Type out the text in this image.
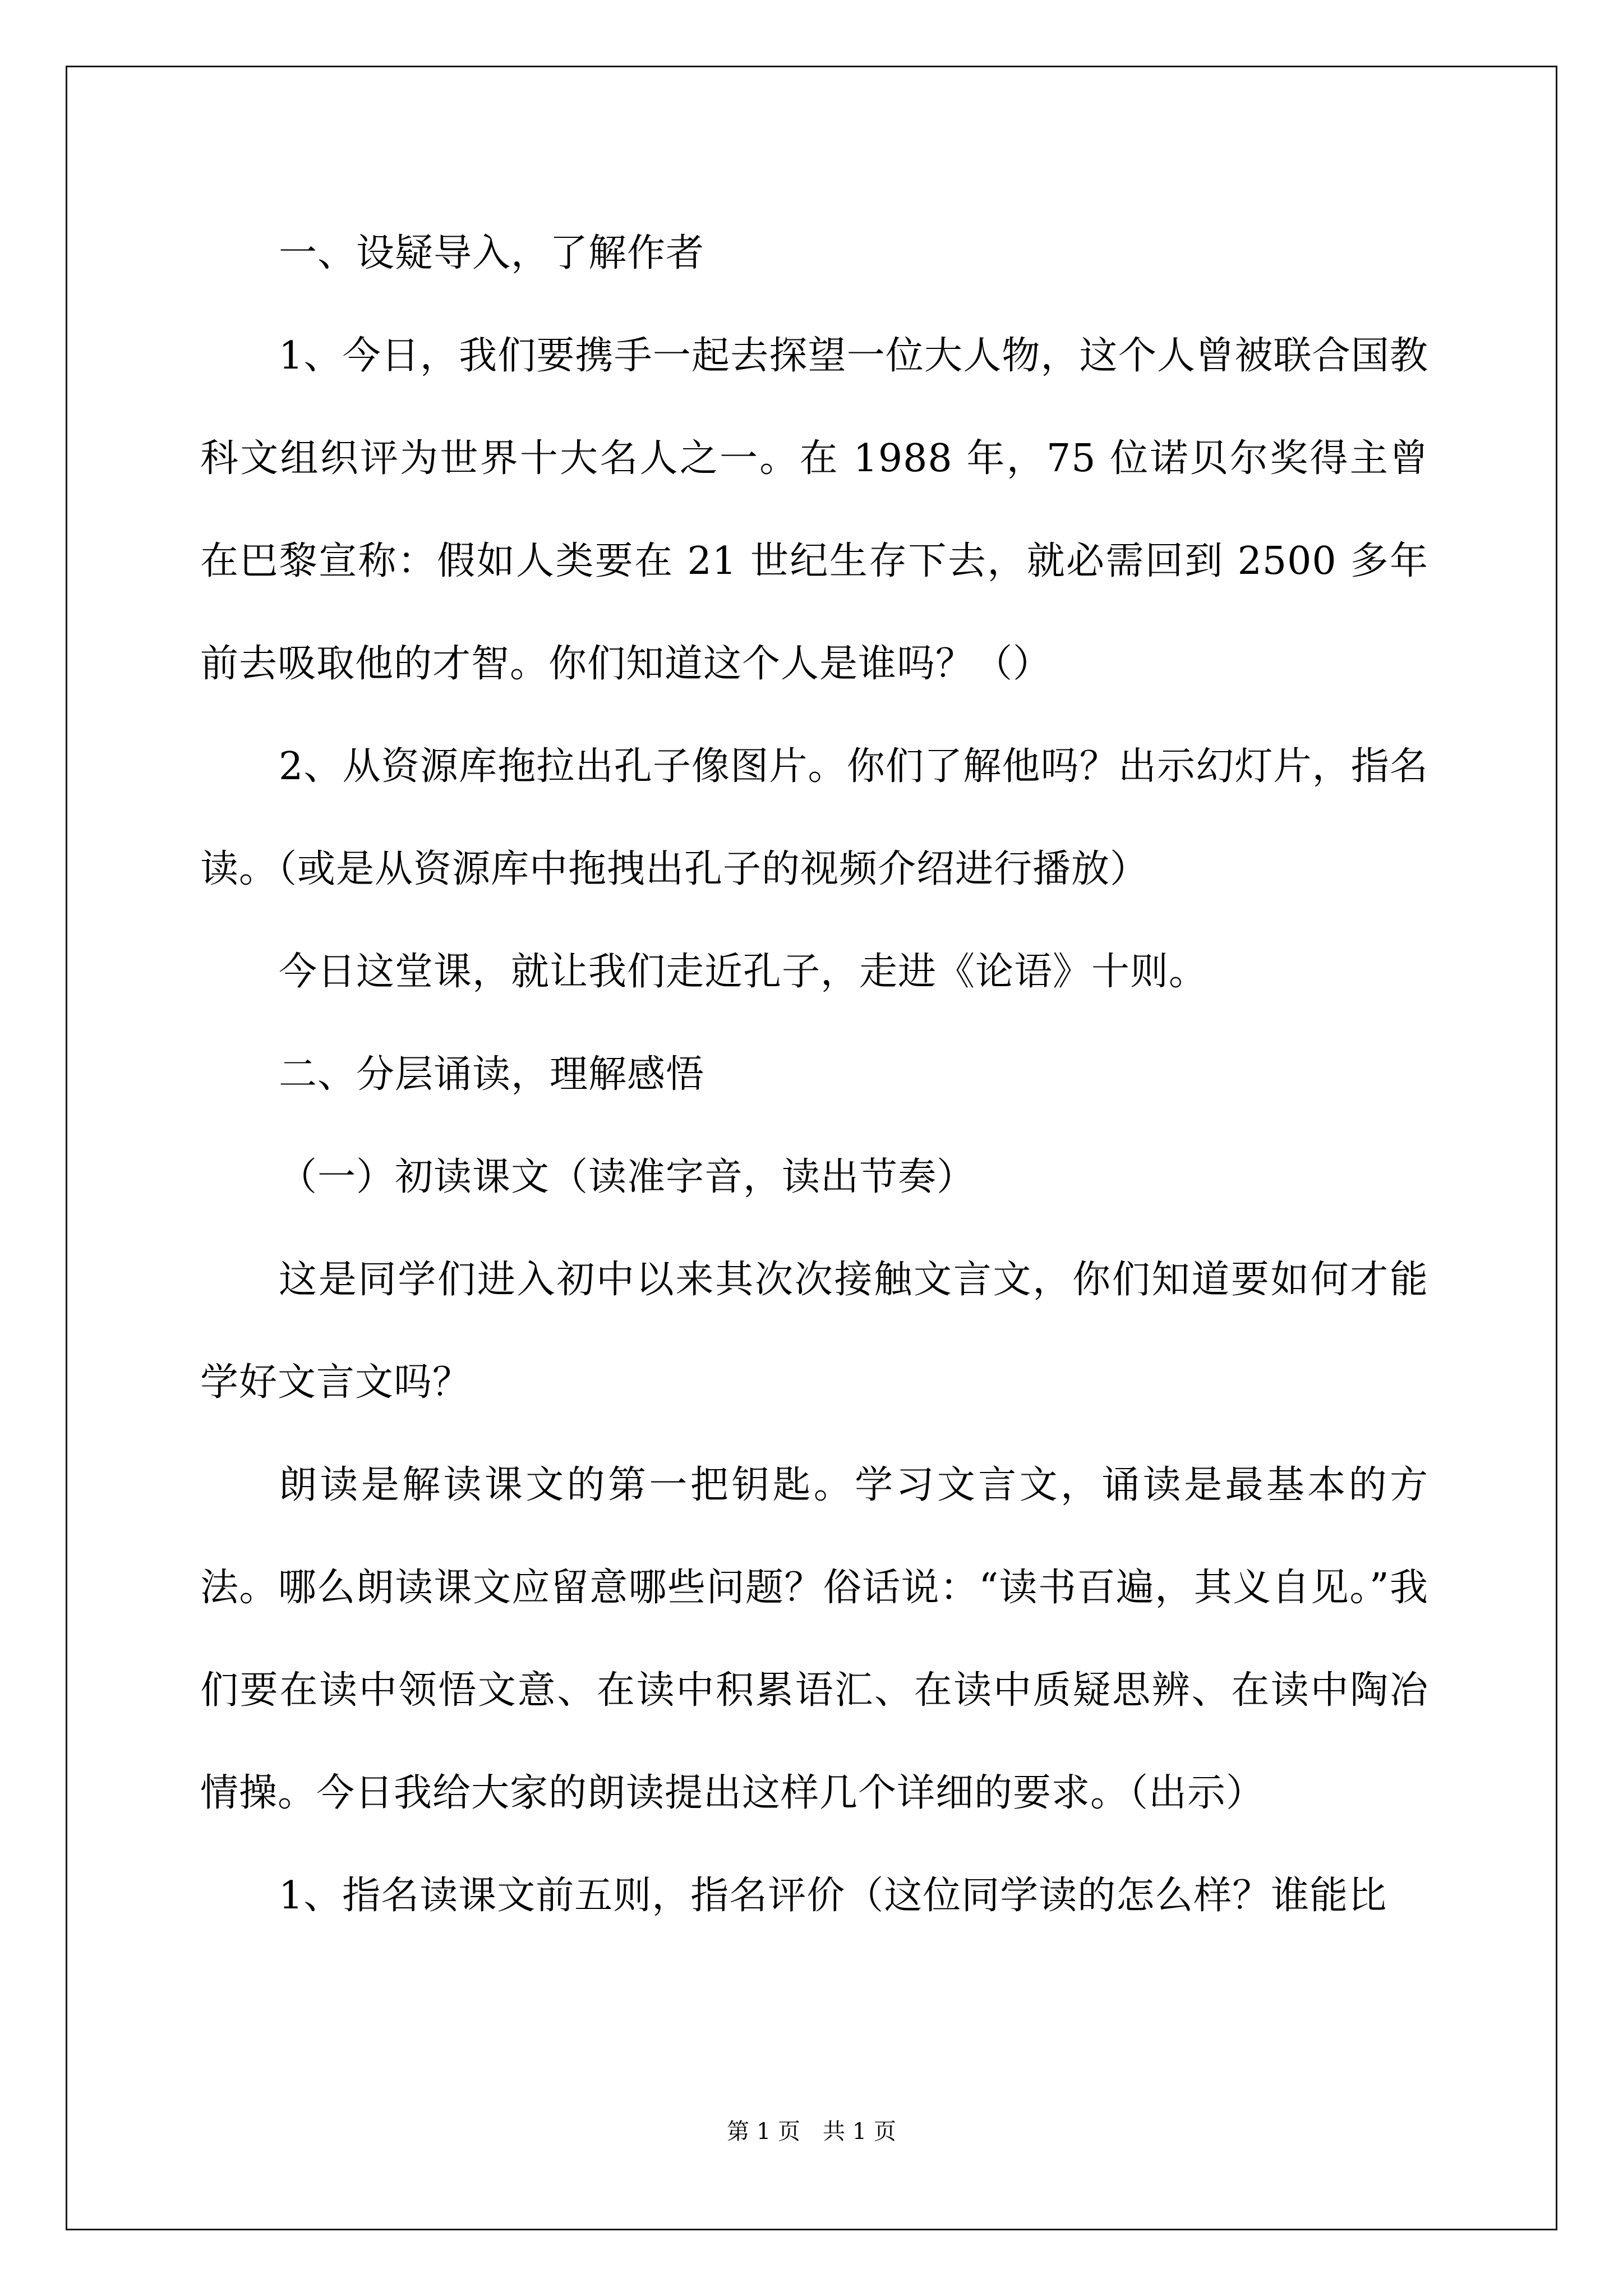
一、设疑导入，了解作者

1、今日，我们要携手一起去探望一位大人物，这个人曾被联合国教科文组织评为世界十大名人之一。在 1988 年，75 位诺贝尔奖得主曾在巴黎宣称：假如人类要在 21 世纪生存下去，就必需回到 2500 多年前去吸取他的才智。你们知道这个人是谁吗？（）

2、从资源库拖拉出孔子像图片。你们了解他吗？出示幻灯片，指名读。（或是从资源库中拖拽出孔子的视频介绍进行播放）

今日这堂课，就让我们走近孔子，走进《论语》十则。

二、分层诵读，理解感悟

（一）初读课文（读准字音，读出节奏）

这是同学们进入初中以来其次次接触文言文，你们知道要如何才能学好文言文吗？

朗读是解读课文的第一把钥匙。学习文言文，诵读是最基本的方法。哪么朗读课文应留意哪些问题？俗话说：“读书百遍，其义自见。”我们要在读中领悟文意、在读中积累语汇、在读中质疑思辨、在读中陶冶情操。今日我给大家的朗读提出这样几个详细的要求。（出示）

1、指名读课文前五则，指名评价（这位同学读的怎么样？谁能比

第 1 页　共 1 页
